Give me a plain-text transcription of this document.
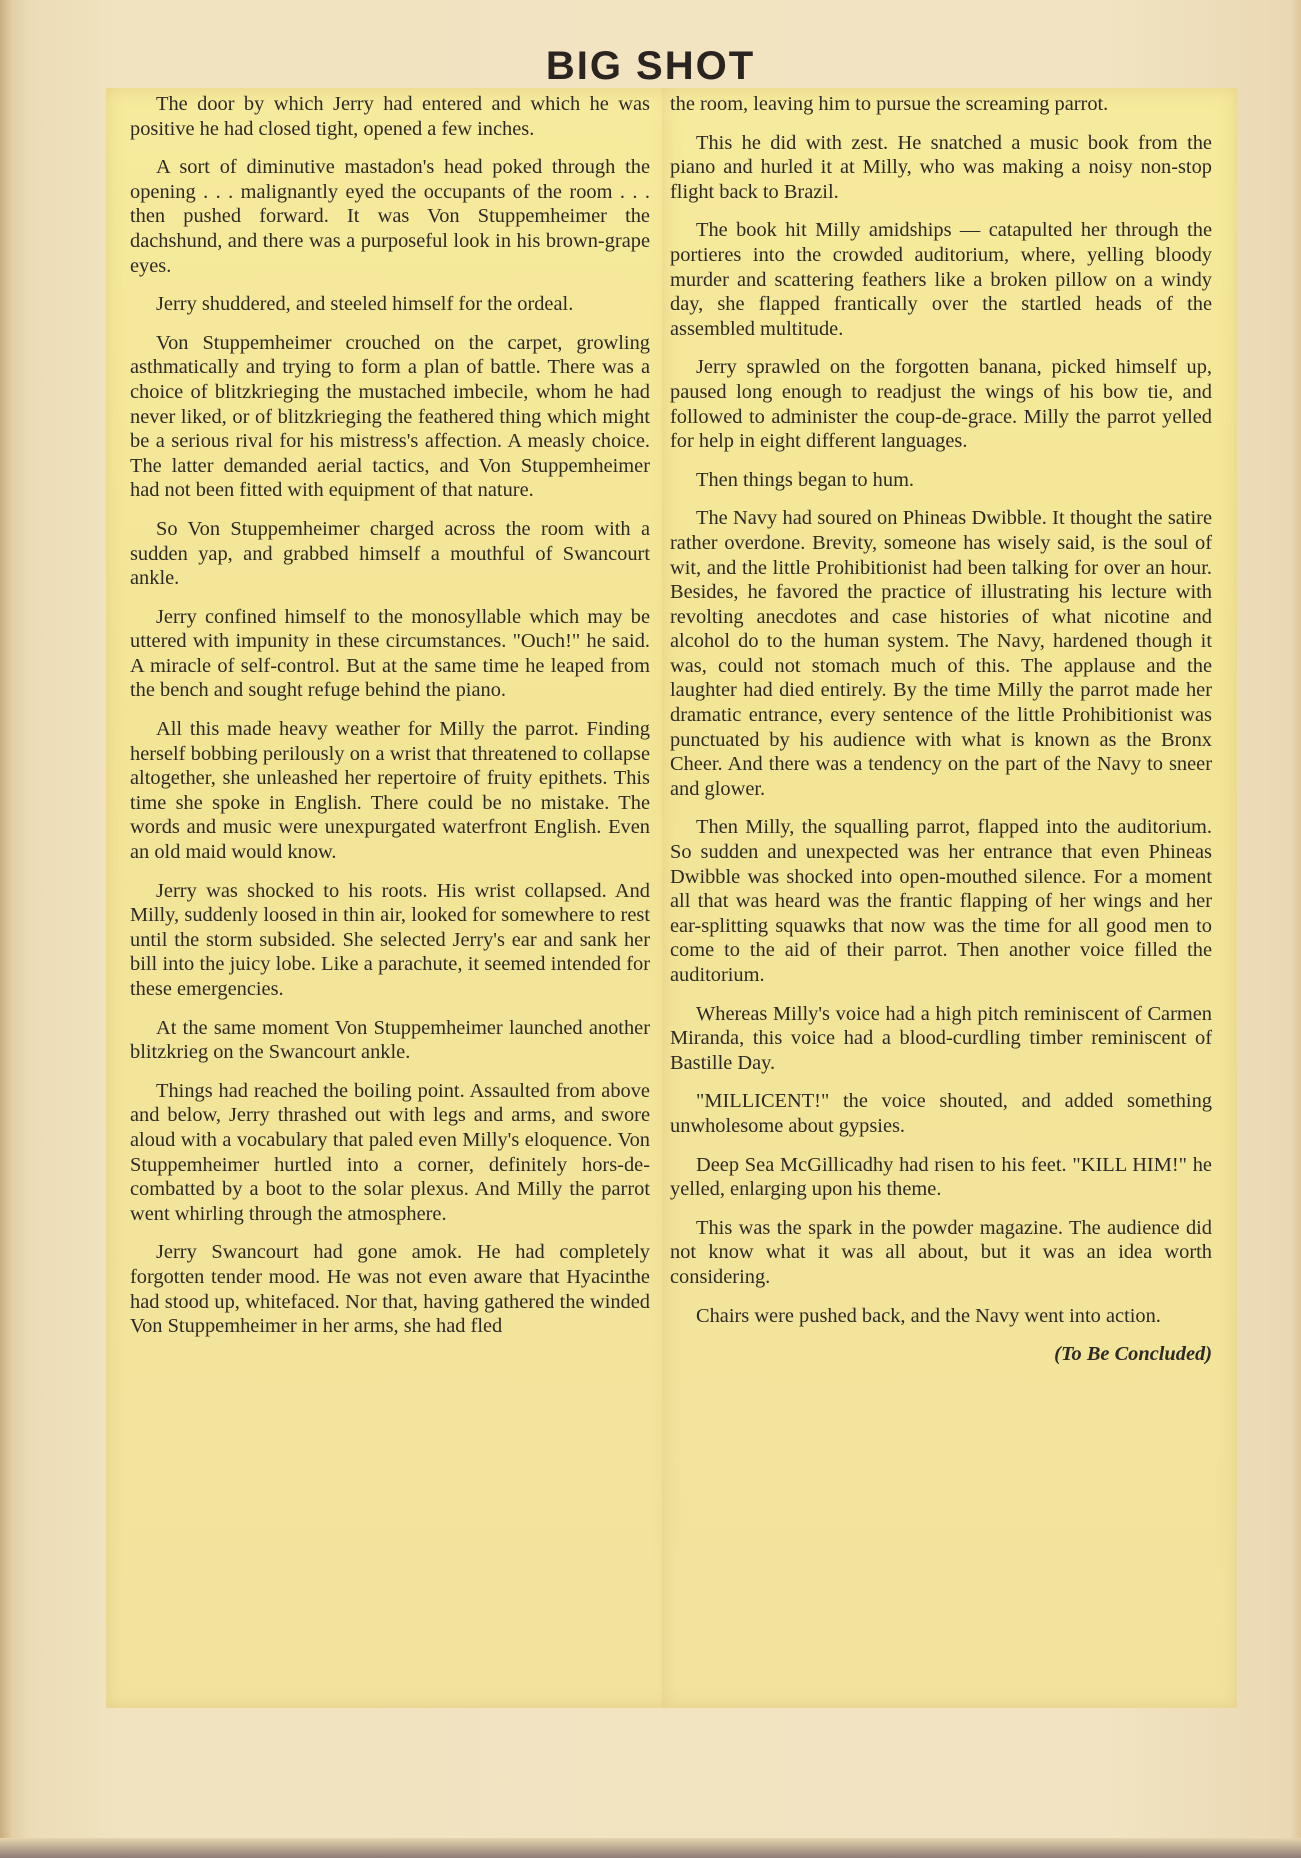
BIG SHOT

The door by which Jerry had entered and which he was positive he had closed tight, opened a few inches.

A sort of diminutive mastadon's head poked through the opening . . . malignantly eyed the occupants of the room . . . then pushed forward. It was Von Stuppemheimer the dachshund, and there was a purposeful look in his brown-grape eyes.

Jerry shuddered, and steeled himself for the ordeal.

Von Stuppemheimer crouched on the carpet, growling asthmatically and trying to form a plan of battle. There was a choice of blitzkrieging the mustached imbecile, whom he had never liked, or of blitzkrieging the feathered thing which might be a serious rival for his mistress's affection. A measly choice. The latter demanded aerial tactics, and Von Stuppemheimer had not been fitted with equipment of that nature.

So Von Stuppemheimer charged across the room with a sudden yap, and grabbed himself a mouthful of Swancourt ankle.

Jerry confined himself to the monosyllable which may be uttered with impunity in these circumstances. "Ouch!" he said. A miracle of self-control. But at the same time he leaped from the bench and sought refuge behind the piano.

All this made heavy weather for Milly the parrot. Finding herself bobbing perilously on a wrist that threatened to collapse altogether, she unleashed her repertoire of fruity epithets. This time she spoke in English. There could be no mistake. The words and music were unexpurgated waterfront English. Even an old maid would know.

Jerry was shocked to his roots. His wrist collapsed. And Milly, suddenly loosed in thin air, looked for somewhere to rest until the storm subsided. She selected Jerry's ear and sank her bill into the juicy lobe. Like a parachute, it seemed intended for these emergencies.

At the same moment Von Stuppemheimer launched another blitzkrieg on the Swancourt ankle.

Things had reached the boiling point. Assaulted from above and below, Jerry thrashed out with legs and arms, and swore aloud with a vocabulary that paled even Milly's eloquence. Von Stuppemheimer hurtled into a corner, definitely hors-de-combatted by a boot to the solar plexus. And Milly the parrot went whirling through the atmosphere.

Jerry Swancourt had gone amok. He had completely forgotten tender mood. He was not even aware that Hyacinthe had stood up, whitefaced. Nor that, having gathered the winded Von Stuppemheimer in her arms, she had fled

the room, leaving him to pursue the screaming parrot.

This he did with zest. He snatched a music book from the piano and hurled it at Milly, who was making a noisy non-stop flight back to Brazil.

The book hit Milly amidships — catapulted her through the portieres into the crowded auditorium, where, yelling bloody murder and scattering feathers like a broken pillow on a windy day, she flapped frantically over the startled heads of the assembled multitude.

Jerry sprawled on the forgotten banana, picked himself up, paused long enough to readjust the wings of his bow tie, and followed to administer the coup-de-grace. Milly the parrot yelled for help in eight different languages.

Then things began to hum.

The Navy had soured on Phineas Dwibble. It thought the satire rather overdone. Brevity, someone has wisely said, is the soul of wit, and the little Prohibitionist had been talking for over an hour. Besides, he favored the practice of illustrating his lecture with revolting anecdotes and case histories of what nicotine and alcohol do to the human system. The Navy, hardened though it was, could not stomach much of this. The applause and the laughter had died entirely. By the time Milly the parrot made her dramatic entrance, every sentence of the little Prohibitionist was punctuated by his audience with what is known as the Bronx Cheer. And there was a tendency on the part of the Navy to sneer and glower.

Then Milly, the squalling parrot, flapped into the auditorium. So sudden and unexpected was her entrance that even Phineas Dwibble was shocked into open-mouthed silence. For a moment all that was heard was the frantic flapping of her wings and her ear-splitting squawks that now was the time for all good men to come to the aid of their parrot. Then another voice filled the auditorium.

Whereas Milly's voice had a high pitch reminiscent of Carmen Miranda, this voice had a blood-curdling timber reminiscent of Bastille Day.

"MILLICENT!" the voice shouted, and added something unwholesome about gypsies.

Deep Sea McGillicadhy had risen to his feet. "KILL HIM!" he yelled, enlarging upon his theme.

This was the spark in the powder magazine. The audience did not know what it was all about, but it was an idea worth considering.

Chairs were pushed back, and the Navy went into action.

(To Be Concluded)
